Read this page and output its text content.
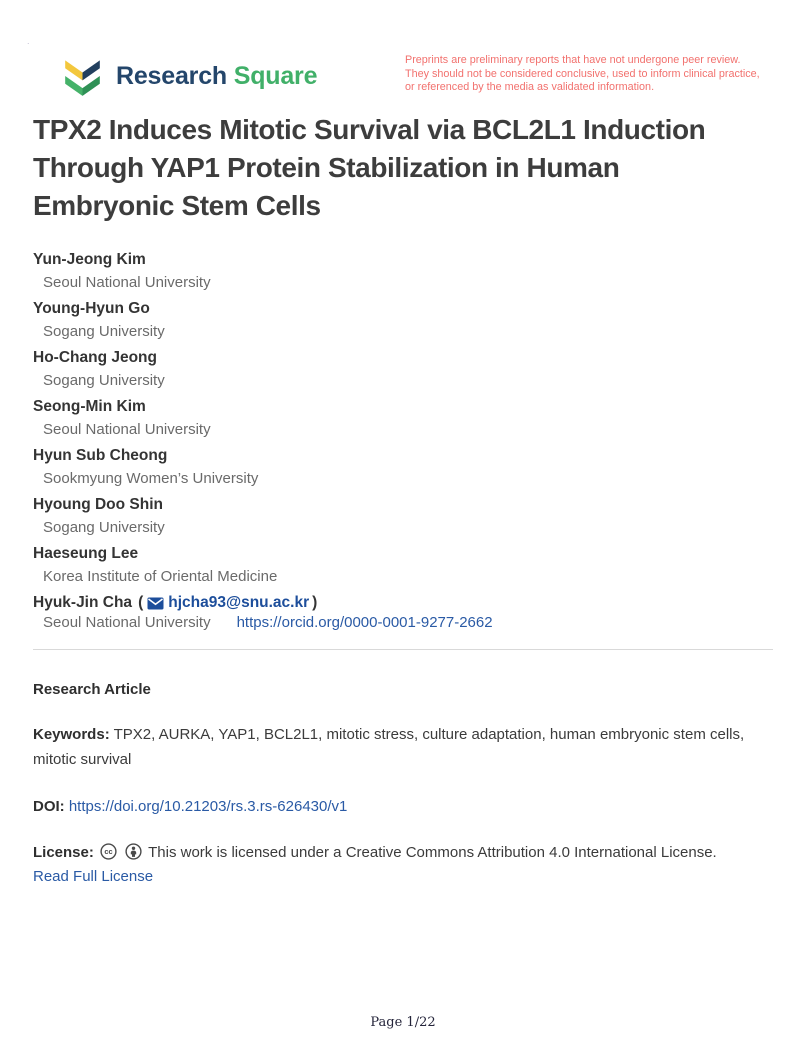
.
Research Square
Preprints are preliminary reports that have not undergone peer review.
They should not be considered conclusive, used to inform clinical practice,
or referenced by the media as validated information.
TPX2 Induces Mitotic Survival via BCL2L1 Induction
Through YAP1 Protein Stabilization in Human
Embryonic Stem Cells
Yun-Jeong Kim
Seoul National University
Young-Hyun Go
Sogang University
Ho-Chang Jeong
Sogang University
Seong-Min Kim
Seoul National University
Hyun Sub Cheong
Sookmyung Women’s University
Hyoung Doo Shin
Sogang University
Haeseung Lee
Korea Institute of Oriental Medicine
Hyuk-Jin Cha ( hjcha93@snu.ac.kr )
Seoul National University https://orcid.org/0000-0001-9277-2662
Research Article

Keywords: TPX2, AURKA, YAP1, BCL2L1, mitotic stress, culture adaptation, human embryonic stem cells, mitotic survival

DOI: https://doi.org/10.21203/rs.3.rs-626430/v1

License: cc This work is licensed under a Creative Commons Attribution 4.0 International License.
Read Full License
Page 1/22
